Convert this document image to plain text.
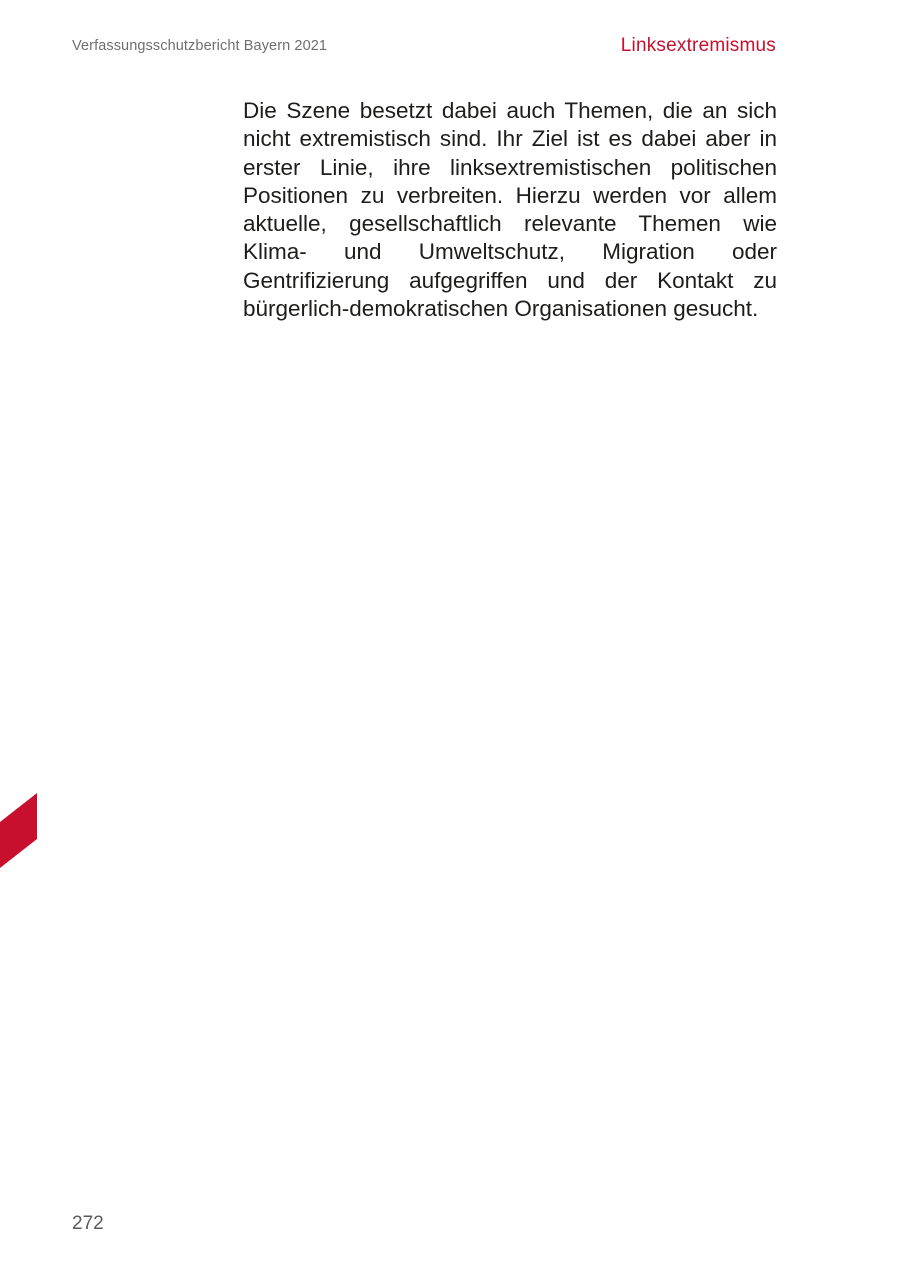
Verfassungsschutzbericht Bayern 2021	Linksextremismus

Die Szene besetzt dabei auch Themen, die an sich nicht extremistisch sind. Ihr Ziel ist es dabei aber in erster Linie, ihre linksextremistischen politischen Positionen zu verbreiten. Hierzu werden vor allem aktuelle, gesellschaftlich relevante Themen wie Klima- und Umweltschutz, Migration oder Gentrifizierung aufgegriffen und der Kontakt zu bürgerlich-demokratischen Organisationen gesucht.

272
